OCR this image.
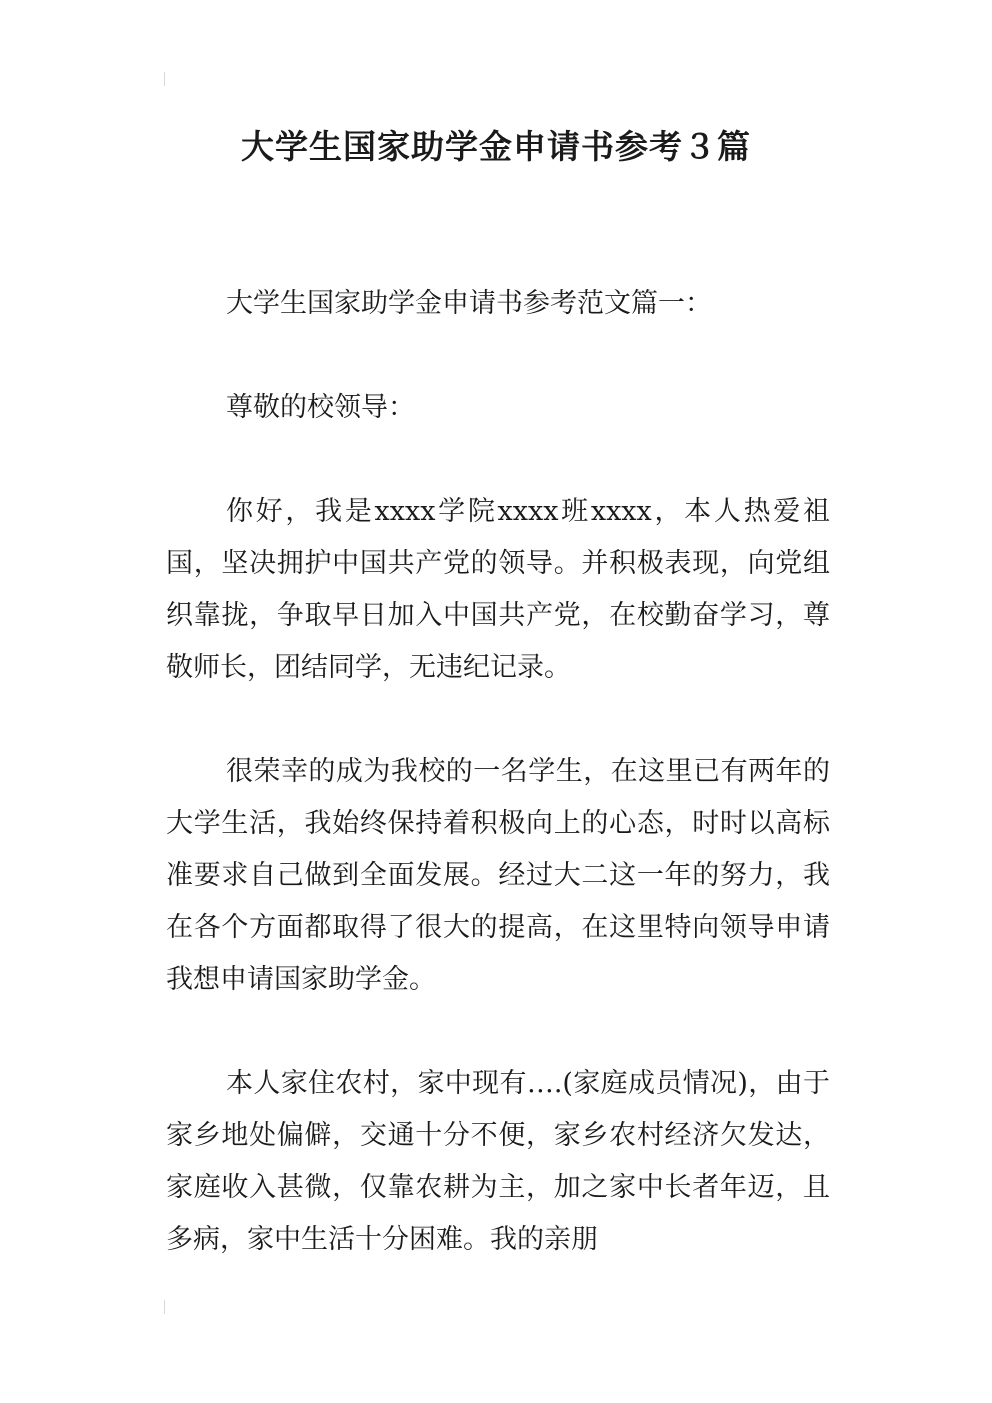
大学生国家助学金申请书参考３篇

大学生国家助学金申请书参考范文篇一：

尊敬的校领导：

你好，我是xxxx学院xxxx班xxxx，本人热爱祖国，坚决拥护中国共产党的领导。并积极表现，向党组织靠拢，争取早日加入中国共产党，在校勤奋学习，尊敬师长，团结同学，无违纪记录。

很荣幸的成为我校的一名学生，在这里已有两年的大学生活，我始终保持着积极向上的心态，时时以高标准要求自己做到全面发展。经过大二这一年的努力，我在各个方面都取得了很大的提高，在这里特向领导申请我想申请国家助学金。

本人家住农村，家中现有….(家庭成员情况)，由于家乡地处偏僻，交通十分不便，家乡农村经济欠发达，家庭收入甚微，仅靠农耕为主，加之家中长者年迈，且多病，家中生活十分困难。我的亲朋
